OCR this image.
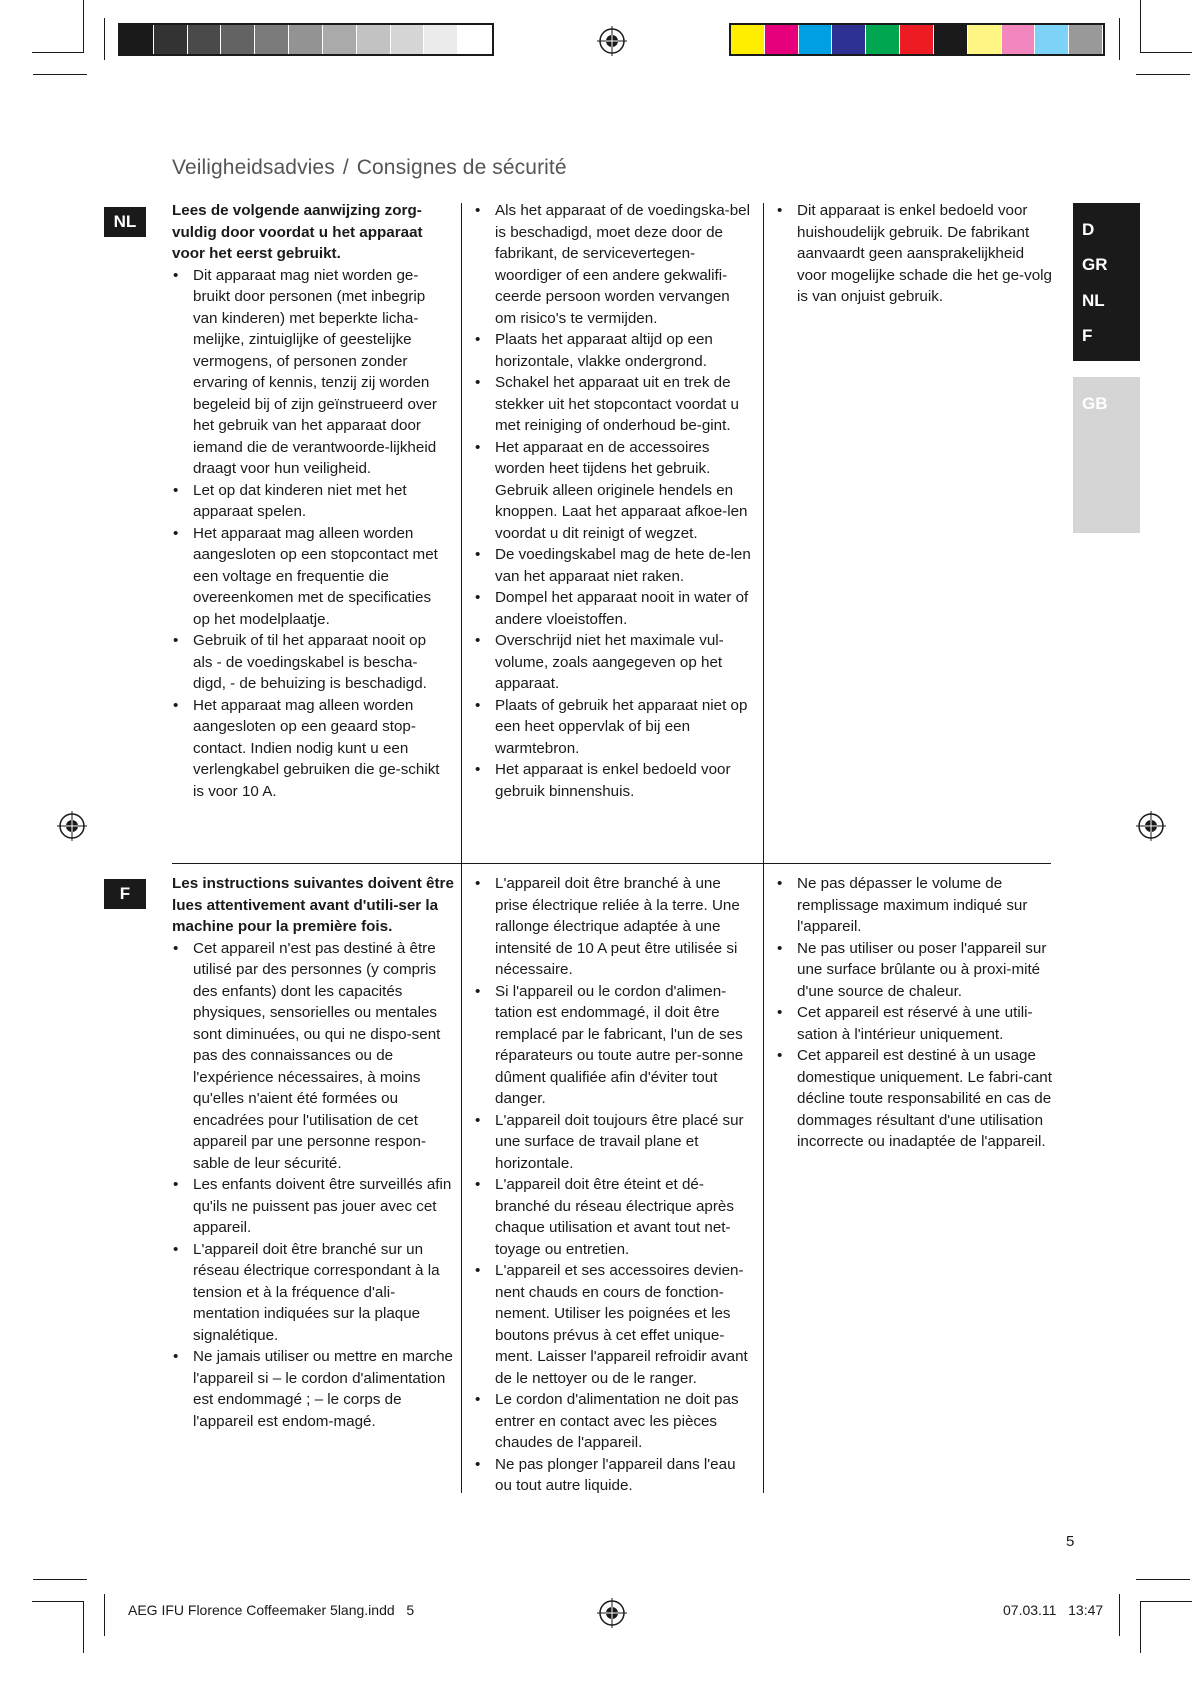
Veiligheidsadvies / Consignes de sécurité
D
GR
NL
F
GB
NL

Lees de volgende aanwijzing zorg-vuldig door voordat u het apparaat voor het eerst gebruikt.

• Dit apparaat mag niet worden ge-bruikt door personen (met inbegrip van kinderen) met beperkte licha-melijke, zintuiglijke of geestelijke vermogens, of personen zonder ervaring of kennis, tenzij zij worden begeleid bij of zijn geïnstrueerd over het gebruik van het apparaat door iemand die de verantwoorde-lijkheid draagt voor hun veiligheid.
• Let op dat kinderen niet met het apparaat spelen.
• Het apparaat mag alleen worden aangesloten op een stopcontact met een voltage en frequentie die overeenkomen met de specificaties op het modelplaatje.
• Gebruik of til het apparaat nooit op als - de voedingskabel is bescha-digd, - de behuizing is beschadigd.
• Het apparaat mag alleen worden aangesloten op een geaard stop-contact. Indien nodig kunt u een verlengkabel gebruiken die ge-schikt is voor 10 A.
• Als het apparaat of de voedingska-bel is beschadigd, moet deze door de fabrikant, de servicevertegen-woordiger of een andere gekwalifi-ceerde persoon worden vervangen om risico's te vermijden.
• Plaats het apparaat altijd op een horizontale, vlakke ondergrond.
• Schakel het apparaat uit en trek de stekker uit het stopcontact voordat u met reiniging of onderhoud be-gint.
• Het apparaat en de accessoires worden heet tijdens het gebruik. Gebruik alleen originele hendels en knoppen. Laat het apparaat afkoe-len voordat u dit reinigt of wegzet.
• De voedingskabel mag de hete de-len van het apparaat niet raken.
• Dompel het apparaat nooit in water of andere vloeistoffen.
• Overschrijd niet het maximale vul-volume, zoals aangegeven op het apparaat.
• Plaats of gebruik het apparaat niet op een heet oppervlak of bij een warmtebron.
• Het apparaat is enkel bedoeld voor gebruik binnenshuis.
• Dit apparaat is enkel bedoeld voor huishoudelijk gebruik. De fabrikant aanvaardt geen aansprakelijkheid voor mogelijke schade die het ge-volg is van onjuist gebruik.
F

Les instructions suivantes doivent être lues attentivement avant d'utili-ser la machine pour la première fois.

• Cet appareil n'est pas destiné à être utilisé par des personnes (y compris des enfants) dont les capacités physiques, sensorielles ou mentales sont diminuées, ou qui ne dispo-sent pas des connaissances ou de l'expérience nécessaires, à moins qu'elles n'aient été formées ou encadrées pour l'utilisation de cet appareil par une personne respon-sable de leur sécurité.
• Les enfants doivent être surveillés afin qu'ils ne puissent pas jouer avec cet appareil.
• L'appareil doit être branché sur un réseau électrique correspondant à la tension et à la fréquence d'ali-mentation indiquées sur la plaque signalétique.
• Ne jamais utiliser ou mettre en marche l'appareil si – le cordon d'alimentation est endommagé ; – le corps de l'appareil est endom-magé.
• L'appareil doit être branché à une prise électrique reliée à la terre. Une rallonge électrique adaptée à une intensité de 10 A peut être utilisée si nécessaire.
• Si l'appareil ou le cordon d'alimen-tation est endommagé, il doit être remplacé par le fabricant, l'un de ses réparateurs ou toute autre per-sonne dûment qualifiée afin d'éviter tout danger.
• L'appareil doit toujours être placé sur une surface de travail plane et horizontale.
• L'appareil doit être éteint et dé-branché du réseau électrique après chaque utilisation et avant tout net-toyage ou entretien.
• L'appareil et ses accessoires devien-nent chauds en cours de fonction-nement. Utiliser les poignées et les boutons prévus à cet effet unique-ment. Laisser l'appareil refroidir avant de le nettoyer ou de le ranger.
• Le cordon d'alimentation ne doit pas entrer en contact avec les pièces chaudes de l'appareil.
• Ne pas plonger l'appareil dans l'eau ou tout autre liquide.
• Ne pas dépasser le volume de remplissage maximum indiqué sur l'appareil.
• Ne pas utiliser ou poser l'appareil sur une surface brûlante ou à proxi-mité d'une source de chaleur.
• Cet appareil est réservé à une utili-sation à l'intérieur uniquement.
• Cet appareil est destiné à un usage domestique uniquement. Le fabri-cant décline toute responsabilité en cas de dommages résultant d'une utilisation incorrecte ou inadaptée de l'appareil.
5
AEG IFU Florence Coffeemaker 5lang.indd   5	07.03.11   13:47
